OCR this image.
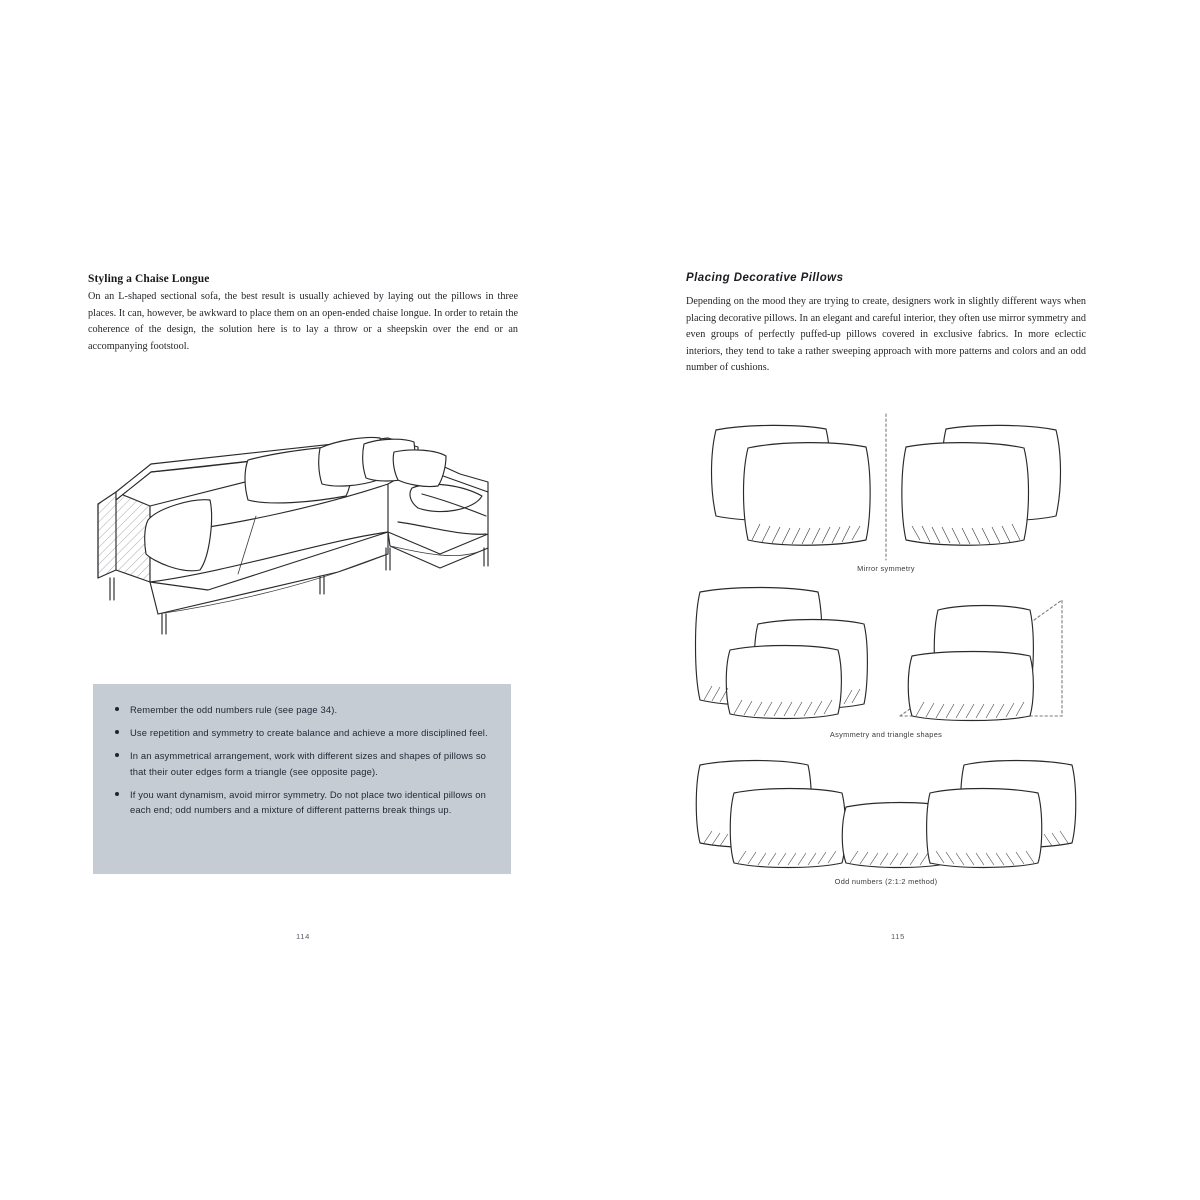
Styling a Chaise Longue

On an L-shaped sectional sofa, the best result is usually achieved by laying out the pillows in three places. It can, however, be awkward to place them on an open-ended chaise longue. In order to retain the coherence of the design, the solution here is to lay a throw or a sheepskin over the end or an accompanying footstool.

Remember the odd numbers rule (see page 34).
Use repetition and symmetry to create balance and achieve a more disciplined feel.
In an asymmetrical arrangement, work with different sizes and shapes of pillows so that their outer edges form a triangle (see opposite page).
If you want dynamism, avoid mirror symmetry. Do not place two identical pillows on each end; odd numbers and a mixture of different patterns break things up.
114
Placing Decorative Pillows

Depending on the mood they are trying to create, designers work in slightly different ways when placing decorative pillows. In an elegant and careful interior, they often use mirror symmetry and even groups of perfectly puffed-up pillows covered in exclusive fabrics. In more eclectic interiors, they tend to take a rather sweeping approach with more patterns and colors and an odd number of cushions.

Mirror symmetry
Asymmetry and triangle shapes
Odd numbers (2:1:2 method)
115
